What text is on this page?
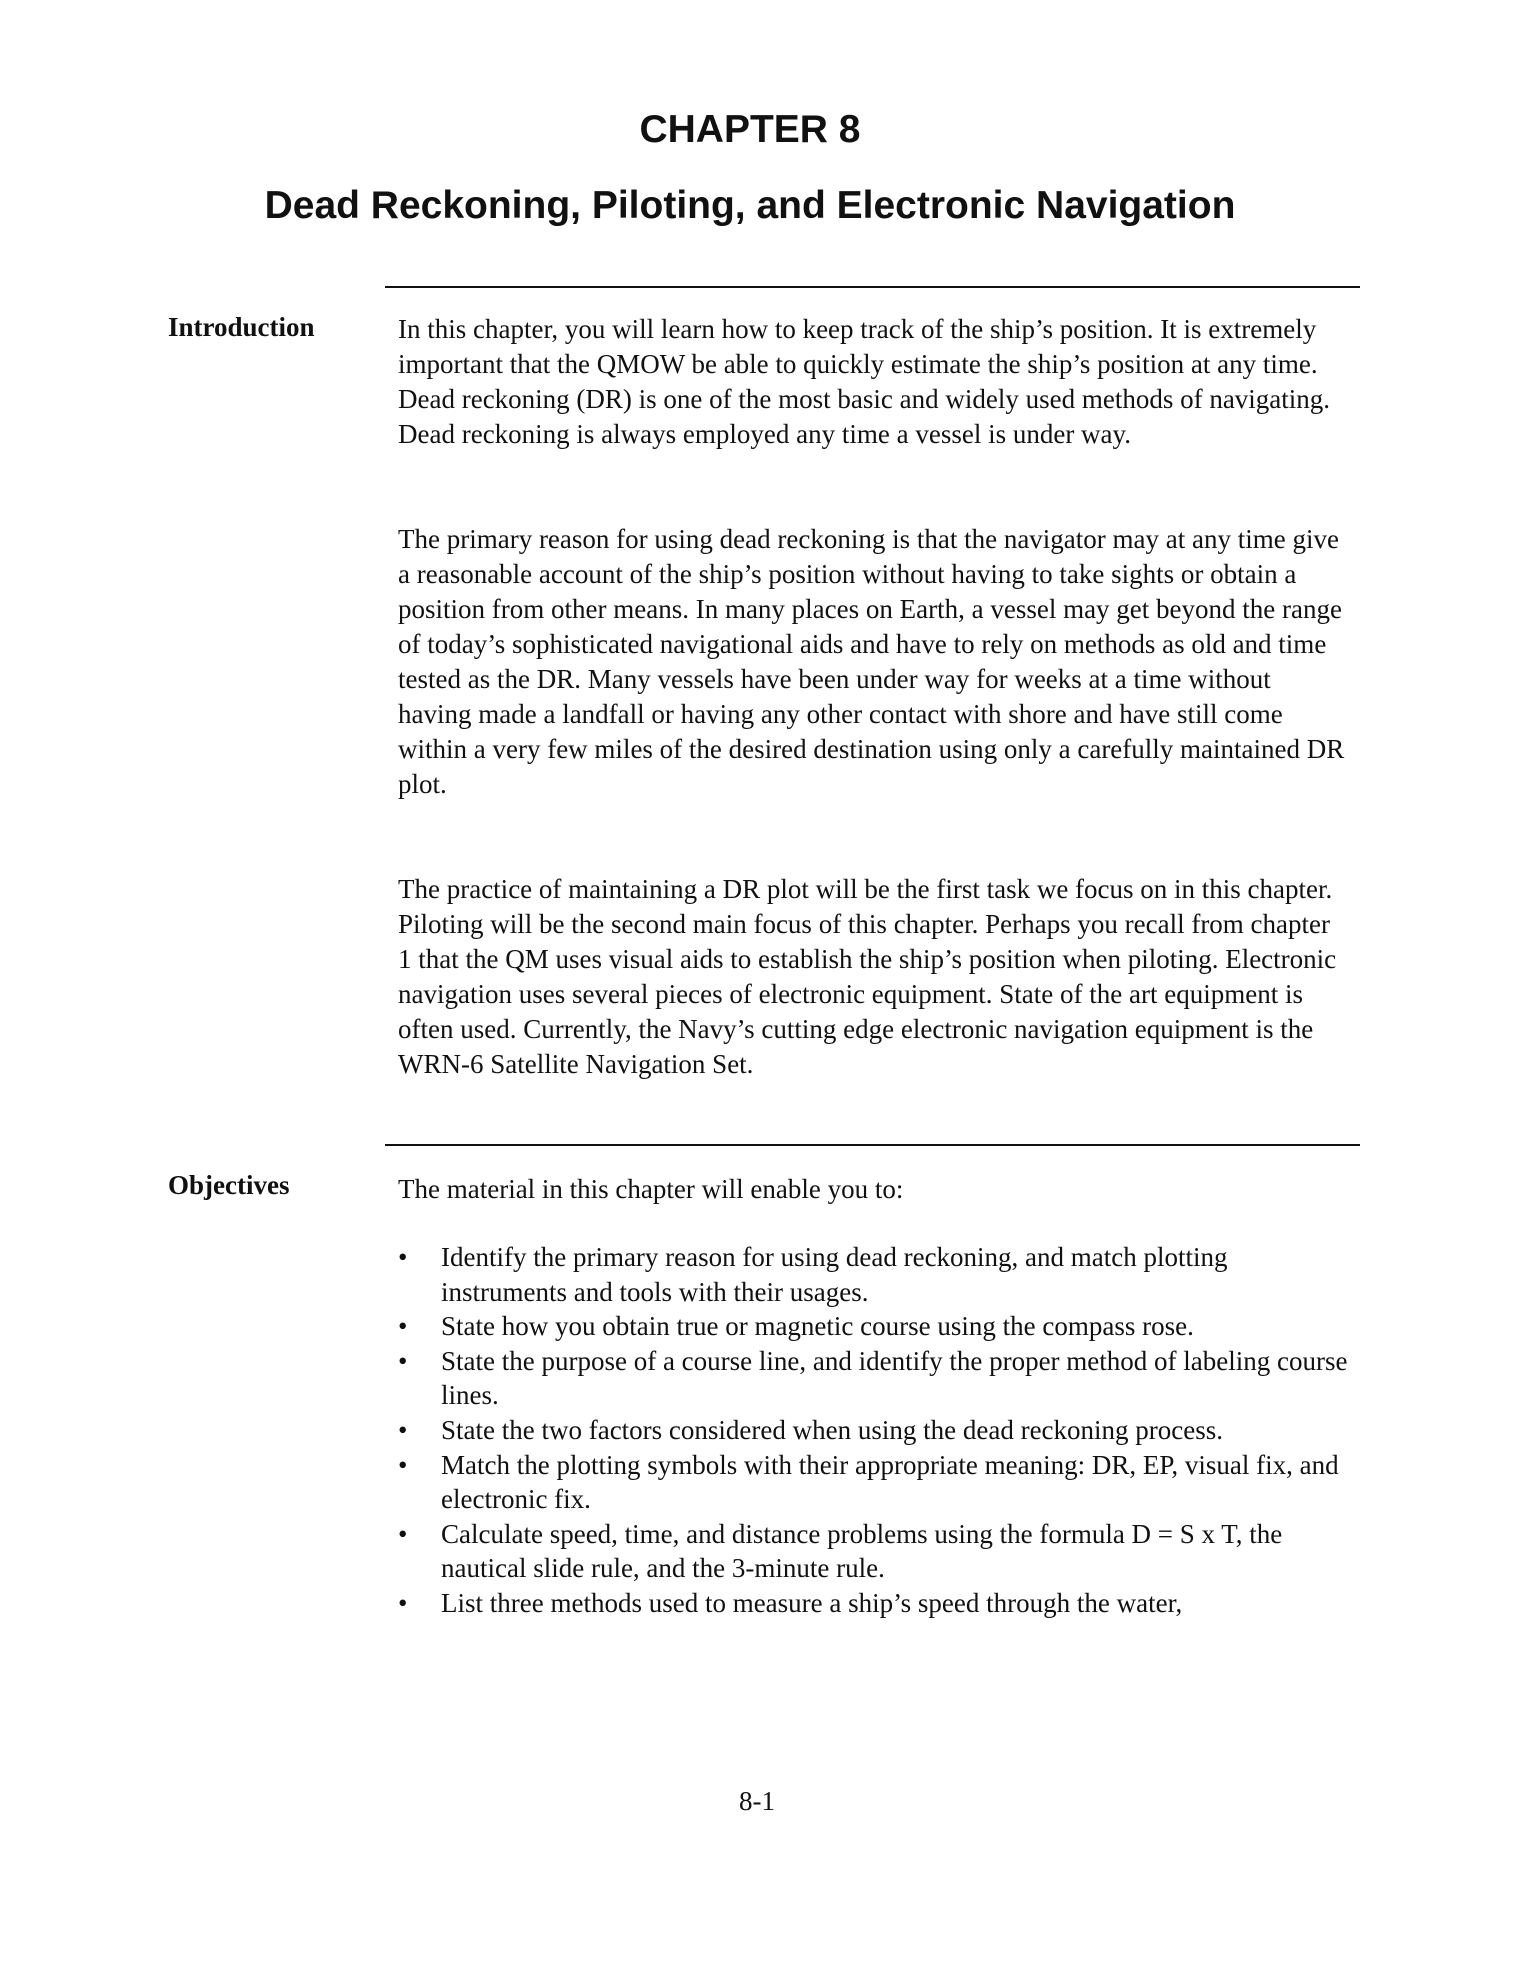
CHAPTER 8
Dead Reckoning, Piloting, and Electronic Navigation
Introduction	In this chapter, you will learn how to keep track of the ship’s position. It is extremely important that the QMOW be able to quickly estimate the ship’s position at any time. Dead reckoning (DR) is one of the most basic and widely used methods of navigating. Dead reckoning is always employed any time a vessel is under way.

The primary reason for using dead reckoning is that the navigator may at any time give a reasonable account of the ship’s position without having to take sights or obtain a position from other means. In many places on Earth, a vessel may get beyond the range of today’s sophisticated navigational aids and have to rely on methods as old and time tested as the DR. Many vessels have been under way for weeks at a time without having made a landfall or having any other contact with shore and have still come within a very few miles of the desired destination using only a carefully maintained DR plot.

The practice of maintaining a DR plot will be the first task we focus on in this chapter. Piloting will be the second main focus of this chapter. Perhaps you recall from chapter 1 that the QM uses visual aids to establish the ship’s position when piloting. Electronic navigation uses several pieces of electronic equipment. State of the art equipment is often used. Currently, the Navy’s cutting edge electronic navigation equipment is the WRN-6 Satellite Navigation Set.

Objectives	The material in this chapter will enable you to:

• Identify the primary reason for using dead reckoning, and match plotting instruments and tools with their usages.
• State how you obtain true or magnetic course using the compass rose.
• State the purpose of a course line, and identify the proper method of labeling course lines.
• State the two factors considered when using the dead reckoning process.
• Match the plotting symbols with their appropriate meaning: DR, EP, visual fix, and electronic fix.
• Calculate speed, time, and distance problems using the formula D = S x T, the nautical slide rule, and the 3-minute rule.
• List three methods used to measure a ship’s speed through the water,
8-1
